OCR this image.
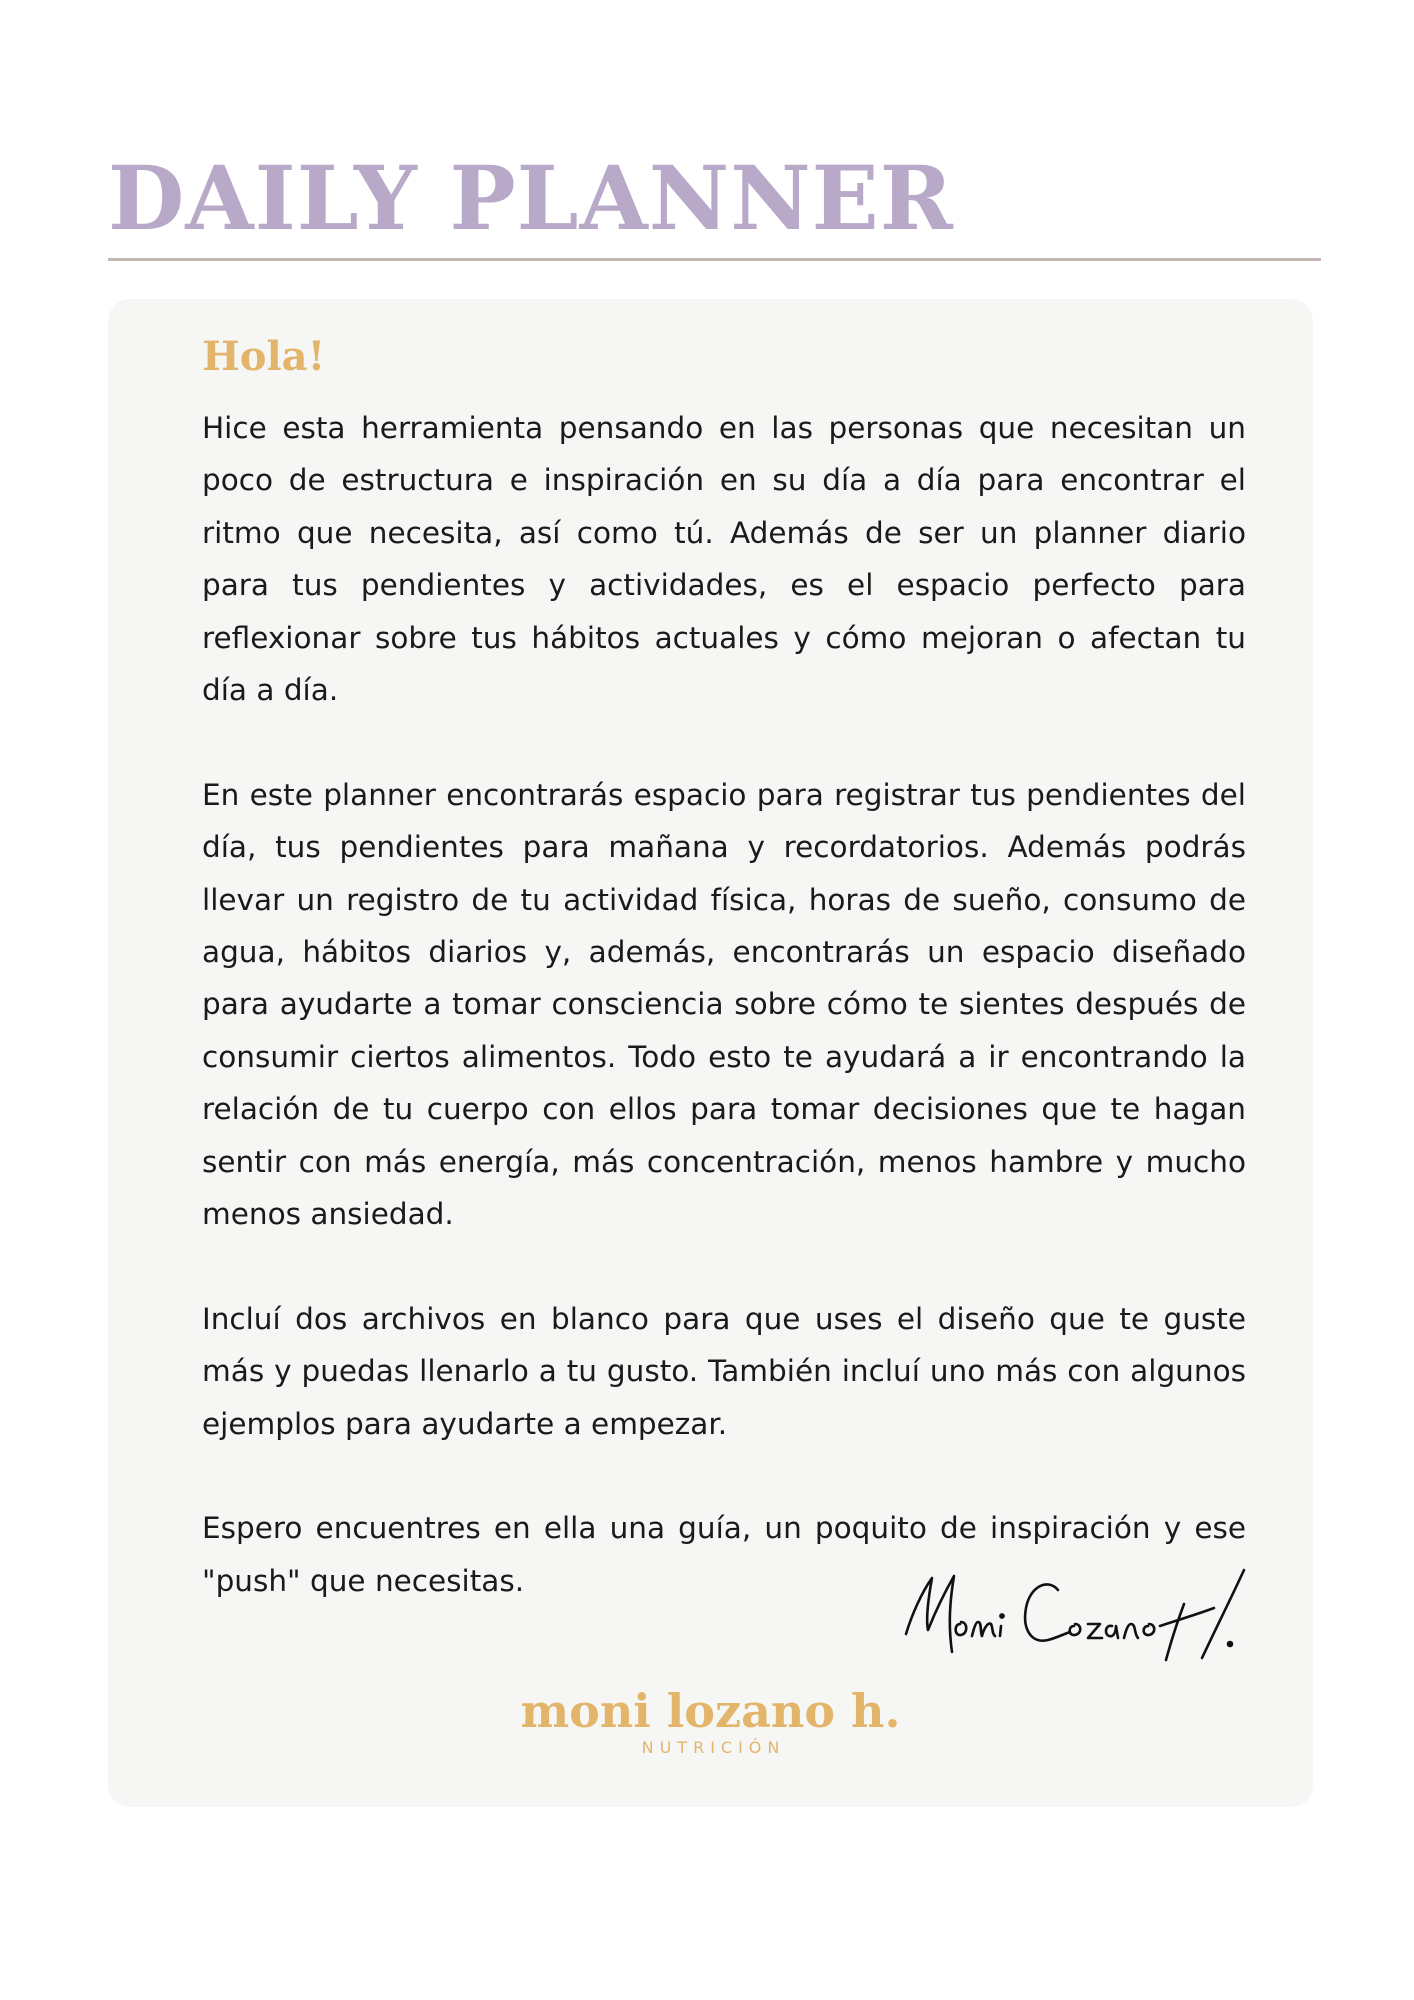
DAILY PLANNER
Hola!

Hice esta herramienta pensando en las personas que necesitan un poco de estructura e inspiración en su día a día para encontrar el ritmo que necesita, así como tú. Además de ser un planner diario para tus pendientes y actividades, es el espacio perfecto para reflexionar sobre tus hábitos actuales y cómo mejoran o afectan tu día a día.

En este planner encontrarás espacio para registrar tus pendientes del día, tus pendientes para mañana y recordatorios. Además podrás llevar un registro de tu actividad física, horas de sueño, consumo de agua, hábitos diarios y, además, encontrarás un espacio diseñado para ayudarte a tomar consciencia sobre cómo te sientes después de consumir ciertos alimentos. Todo esto te ayudará a ir encontrando la relación de tu cuerpo con ellos para tomar decisiones que te hagan sentir con más energía, más concentración, menos hambre y mucho menos ansiedad.

Incluí dos archivos en blanco para que uses el diseño que te guste más y puedas llenarlo a tu gusto. También incluí uno más con algunos ejemplos para ayudarte a empezar.

Espero encuentres en ella una guía, un poquito de inspiración y ese "push" que necesitas.

moni lozano h.
NUTRICIÓN
